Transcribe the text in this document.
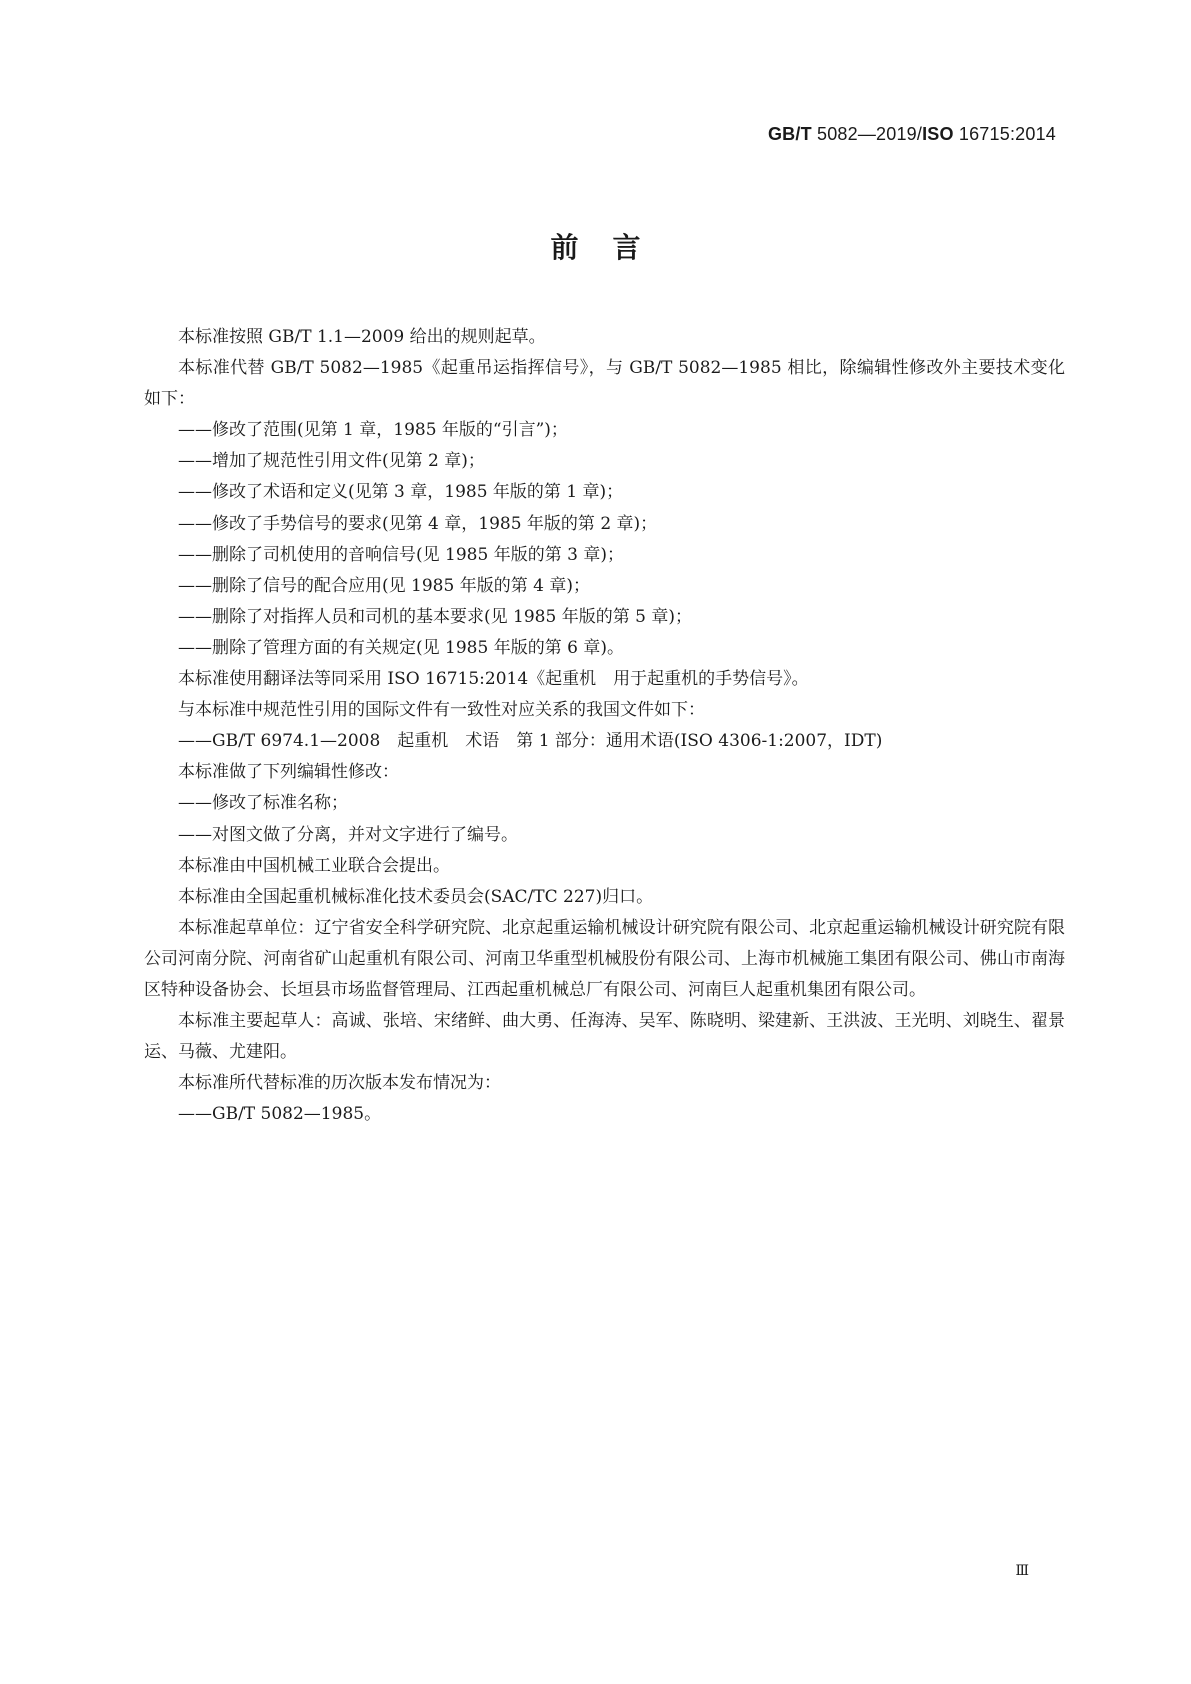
GB/T 5082—2019/ISO 16715:2014
前言

本标准按照 GB/T 1.1—2009 给出的规则起草。

本标准代替 GB/T 5082—1985《起重吊运指挥信号》，与 GB/T 5082—1985 相比，除编辑性修改外主要技术变化如下：

——修改了范围(见第 1 章，1985 年版的“引言”)；

——增加了规范性引用文件(见第 2 章)；

——修改了术语和定义(见第 3 章，1985 年版的第 1 章)；

——修改了手势信号的要求(见第 4 章，1985 年版的第 2 章)；

——删除了司机使用的音响信号(见 1985 年版的第 3 章)；

——删除了信号的配合应用(见 1985 年版的第 4 章)；

——删除了对指挥人员和司机的基本要求(见 1985 年版的第 5 章)；

——删除了管理方面的有关规定(见 1985 年版的第 6 章)。

本标准使用翻译法等同采用 ISO 16715:2014《起重机　用于起重机的手势信号》。

与本标准中规范性引用的国际文件有一致性对应关系的我国文件如下：

——GB/T 6974.1—2008　起重机　术语　第 1 部分：通用术语(ISO 4306-1:2007，IDT)

本标准做了下列编辑性修改：

——修改了标准名称；

——对图文做了分离，并对文字进行了编号。

本标准由中国机械工业联合会提出。

本标准由全国起重机械标准化技术委员会(SAC/TC 227)归口。

本标准起草单位：辽宁省安全科学研究院、北京起重运输机械设计研究院有限公司、北京起重运输机械设计研究院有限公司河南分院、河南省矿山起重机有限公司、河南卫华重型机械股份有限公司、上海市机械施工集团有限公司、佛山市南海区特种设备协会、长垣县市场监督管理局、江西起重机械总厂有限公司、河南巨人起重机集团有限公司。

本标准主要起草人：高诚、张培、宋绪鲜、曲大勇、任海涛、吴军、陈晓明、梁建新、王洪波、王光明、刘晓生、翟景运、马薇、尤建阳。

本标准所代替标准的历次版本发布情况为：

——GB/T 5082—1985。

Ⅲ
